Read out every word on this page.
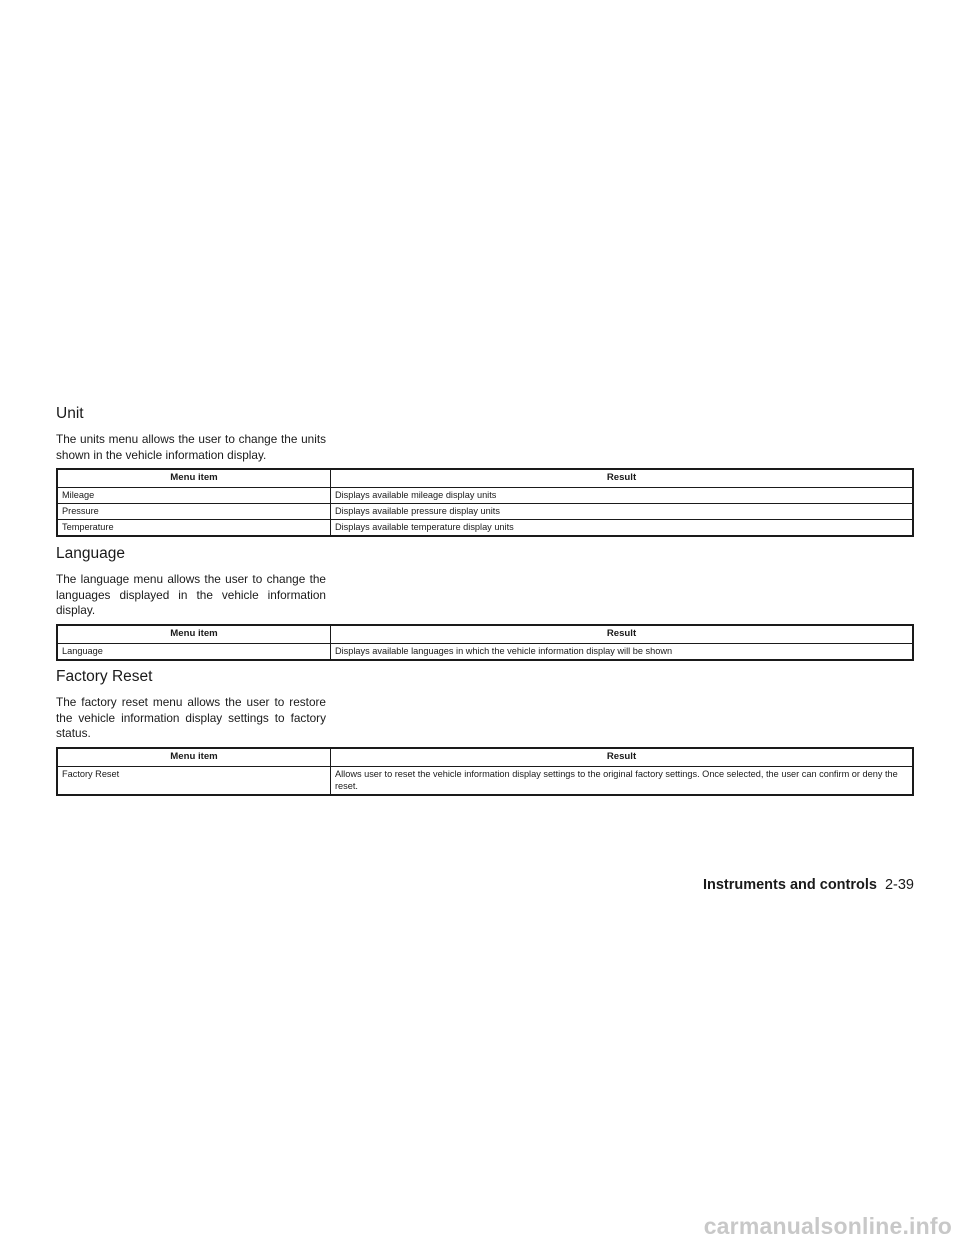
Unit

The units menu allows the user to change the units shown in the vehicle information display.

Menu item	Result
Mileage	Displays available mileage display units
Pressure	Displays available pressure display units
Temperature	Displays available temperature display units
Language

The language menu allows the user to change the languages displayed in the vehicle information display.

Menu item	Result
Language	Displays available languages in which the vehicle information display will be shown
Factory Reset

The factory reset menu allows the user to restore the vehicle information display settings to factory status.

Menu item	Result
Factory Reset	Allows user to reset the vehicle information display settings to the original factory settings. Once selected, the user can confirm or deny the reset.
Instruments and controls 2-39
carmanualsonline.info
